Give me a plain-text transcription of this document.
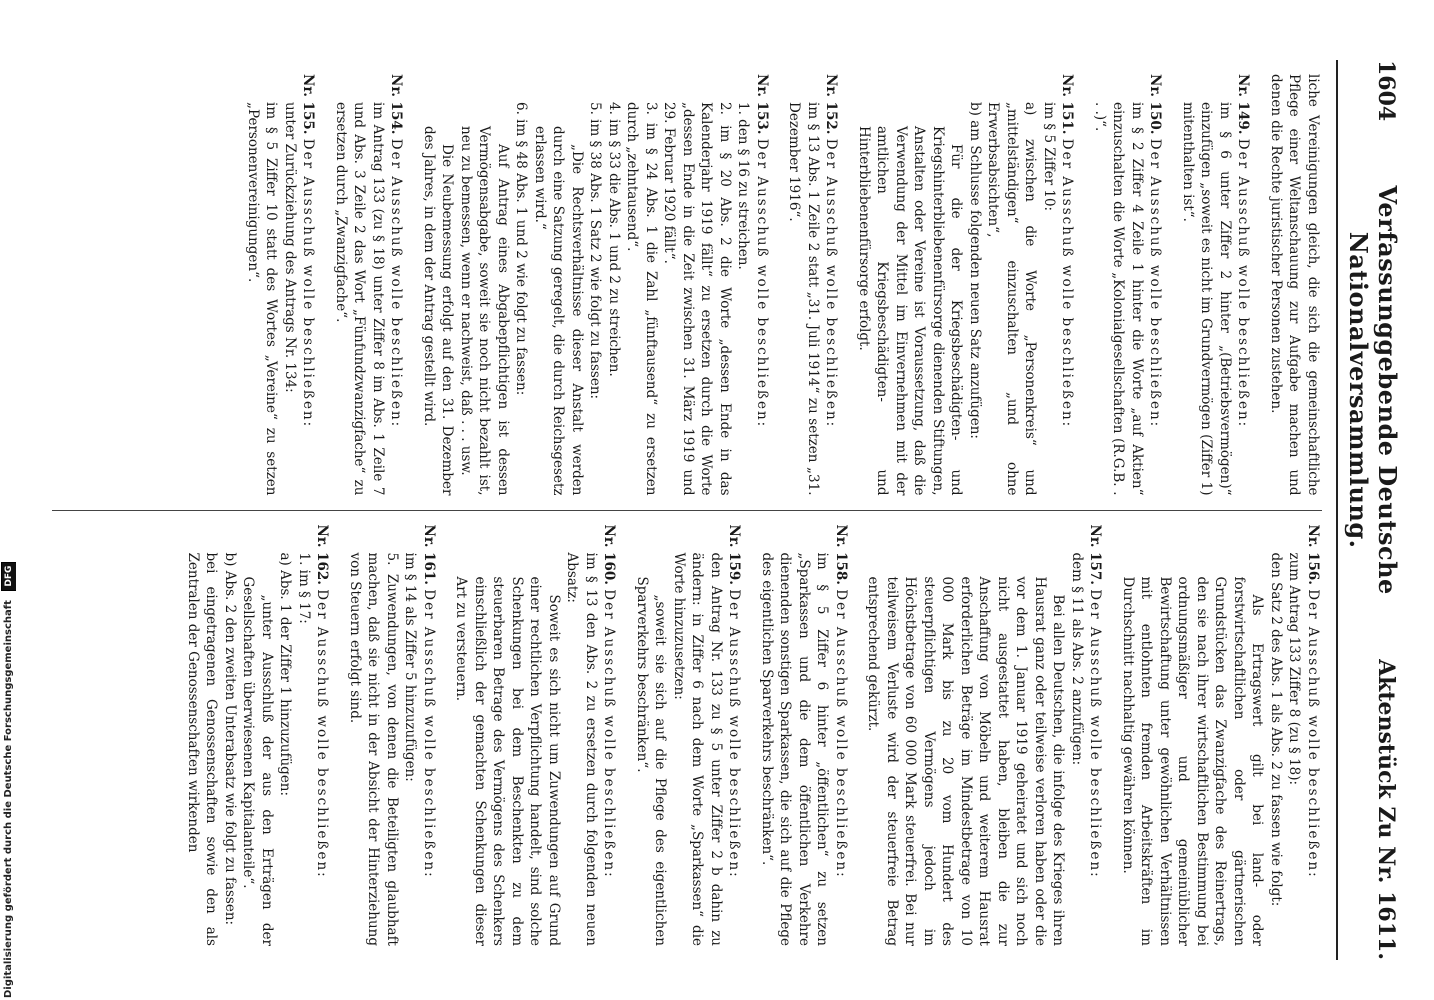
Digitalisierung gefördert durch die Deutsche Forschungsgemeinschaft DFG
1604
Verfassunggebende Deutsche Nationalversammlung.
Aktenstück Zu Nr. 1611.

liche Vereinigungen gleich, die sich die gemeinschaftliche Pflege einer Weltanschauung zur Aufgabe machen und denen die Rechte juristischer Personen zustehen.

Nr. 149. Der Ausschuß wolle beschließen:

im § 6 unter Ziffer 2 hinter „(Betriebsvermögen)“ einzufügen „soweit es nicht im Grundvermögen (Ziffer 1) mitenthalten ist“.

Nr. 150. Der Ausschuß wolle beschließen:

im § 2 Ziffer 4 Zeile 1 hinter die Worte „auf Aktien“ einzuschalten die Worte „Kolonialgesellschaften (R.G.B. . . .)“.

Nr. 151. Der Ausschuß wolle beschließen:

im § 5 Ziffer 10:

a) zwischen die Worte „Personenkreis“ und „mittelständigen“ einzuschalten „und ohne Erwerbsabsichten“,

b) am Schlusse folgenden neuen Satz anzufügen:

Für die der Kriegsbeschädigten- und Kriegshinterbliebenenfürsorge dienenden Stiftungen, Anstalten oder Vereine ist Voraussetzung, daß die Verwendung der Mittel im Einvernehmen mit der amtlichen Kriegsbeschädigten- und Hinterbliebenenfürsorge erfolgt.

Nr. 152. Der Ausschuß wolle beschließen:

im § 13 Abs. 1 Zeile 2 statt „31. Juli 1914“ zu setzen „31. Dezember 1916“.

Nr. 153. Der Ausschuß wolle beschließen:

1. den § 16 zu streichen.

2. im § 20 Abs. 2 die Worte „dessen Ende in das Kalenderjahr 1919 fällt“ zu ersetzen durch die Worte „dessen Ende in die Zeit zwischen 31. März 1919 und 29. Februar 1920 fällt“.

3. im § 24 Abs. 1 die Zahl „fünftausend“ zu ersetzen durch „zehntausend“.

4. im § 33 die Abs. 1 und 2 zu streichen.

5. im § 38 Abs. 1 Satz 2 wie folgt zu fassen:

„Die Rechtsverhältnisse dieser Anstalt werden durch eine Satzung geregelt, die durch Reichsgesetz erlassen wird.“

6. im § 48 Abs. 1 und 2 wie folgt zu fassen:

Auf Antrag eines Abgabepflichtigen ist dessen Vermögensabgabe, soweit sie noch nicht bezahlt ist, neu zu bemessen, wenn er nachweist, daß . . . usw.

Die Neubemessung erfolgt auf den 31. Dezember des Jahres, in dem der Antrag gestellt wird.

Nr. 154. Der Ausschuß wolle beschließen:

im Antrag 133 (zu § 18) unter Ziffer 8 im Abs. 1 Zeile 7 und Abs. 3 Zeile 2 das Wort „Fünfundzwanzigfache“ zu ersetzen durch „Zwanzigfache“.

Nr. 155. Der Ausschuß wolle beschließen:

unter Zurückziehung des Antrags Nr. 134:

im § 5 Ziffer 10 statt des Wortes „Vereine“ zu setzen „Personenvereinigungen“.

Nr. 156. Der Ausschuß wolle beschließen:

zum Antrag 133 Ziffer 8 (zu § 18):

den Satz 2 des Abs. 1 als Abs. 2 zu fassen wie folgt:

Als Ertragswert gilt bei land- oder forstwirtschaftlichen oder gärtnerischen Grundstücken das Zwanzigfache des Reinertrags, den sie nach ihrer wirtschaftlichen Bestimmung bei ordnungsmäßiger und gemeinüblicher Bewirtschaftung unter gewöhnlichen Verhältnissen mit entlohnten fremden Arbeitskräften im Durchschnitt nachhaltig gewähren können.

Nr. 157. Der Ausschuß wolle beschließen:

dem § 11 als Abs. 2 anzufügen:

Bei allen Deutschen, die infolge des Krieges ihren Hausrat ganz oder teilweise verloren haben oder die vor dem 1. Januar 1919 geheiratet und sich noch nicht ausgestattet haben, bleiben die zur Anschaffung von Möbeln und weiterem Hausrat erforderlichen Beträge im Mindestbetrage von 10 000 Mark bis zu 20 vom Hundert des steuerpflichtigen Vermögens jedoch im Höchstbetrage von 60 000 Mark steuerfrei. Bei nur teilweisem Verluste wird der steuerfreie Betrag entsprechend gekürzt.

Nr. 158. Der Ausschuß wolle beschließen:

im § 5 Ziffer 6 hinter „öffentlichen“ zu setzen „Sparkassen und die dem öffentlichen Verkehre dienenden sonstigen Sparkassen, die sich auf die Pflege des eigentlichen Sparverkehrs beschränken“.

Nr. 159. Der Ausschuß wolle beschließen:

den Antrag Nr. 133 zu § 5 unter Ziffer 2 b dahin zu ändern: in Ziffer 6 nach dem Worte „Sparkassen“ die Worte hinzuzusetzen:

„soweit sie sich auf die Pflege des eigentlichen Sparverkehrs beschränken“.

Nr. 160. Der Ausschuß wolle beschließen:

im § 13 den Abs. 2 zu ersetzen durch folgenden neuen Absatz:

Soweit es sich nicht um Zuwendungen auf Grund einer rechtlichen Verpflichtung handelt, sind solche Schenkungen bei dem Beschenkten zu dem steuerbaren Betrage des Vermögens des Schenkers einschließlich der gemachten Schenkungen dieser Art zu versteuern.

Nr. 161. Der Ausschuß wolle beschließen:

im § 14 als Ziffer 5 hinzuzufügen:

5. Zuwendungen, von denen die Beteiligten glaubhaft machen, daß sie nicht in der Absicht der Hinterziehung von Steuern erfolgt sind.

Nr. 162. Der Ausschuß wolle beschließen:

1. im § 17:

a) Abs. 1 der Ziffer 1 hinzuzufügen:

„unter Ausschluß der aus den Erträgen der Gesellschaften überwiesenen Kapitalanteile“.

b) Abs. 2 den zweiten Unterabsatz wie folgt zu fassen:

bei eingetragenen Genossenschaften sowie den als Zentralen der Genossenschaften wirkenden
